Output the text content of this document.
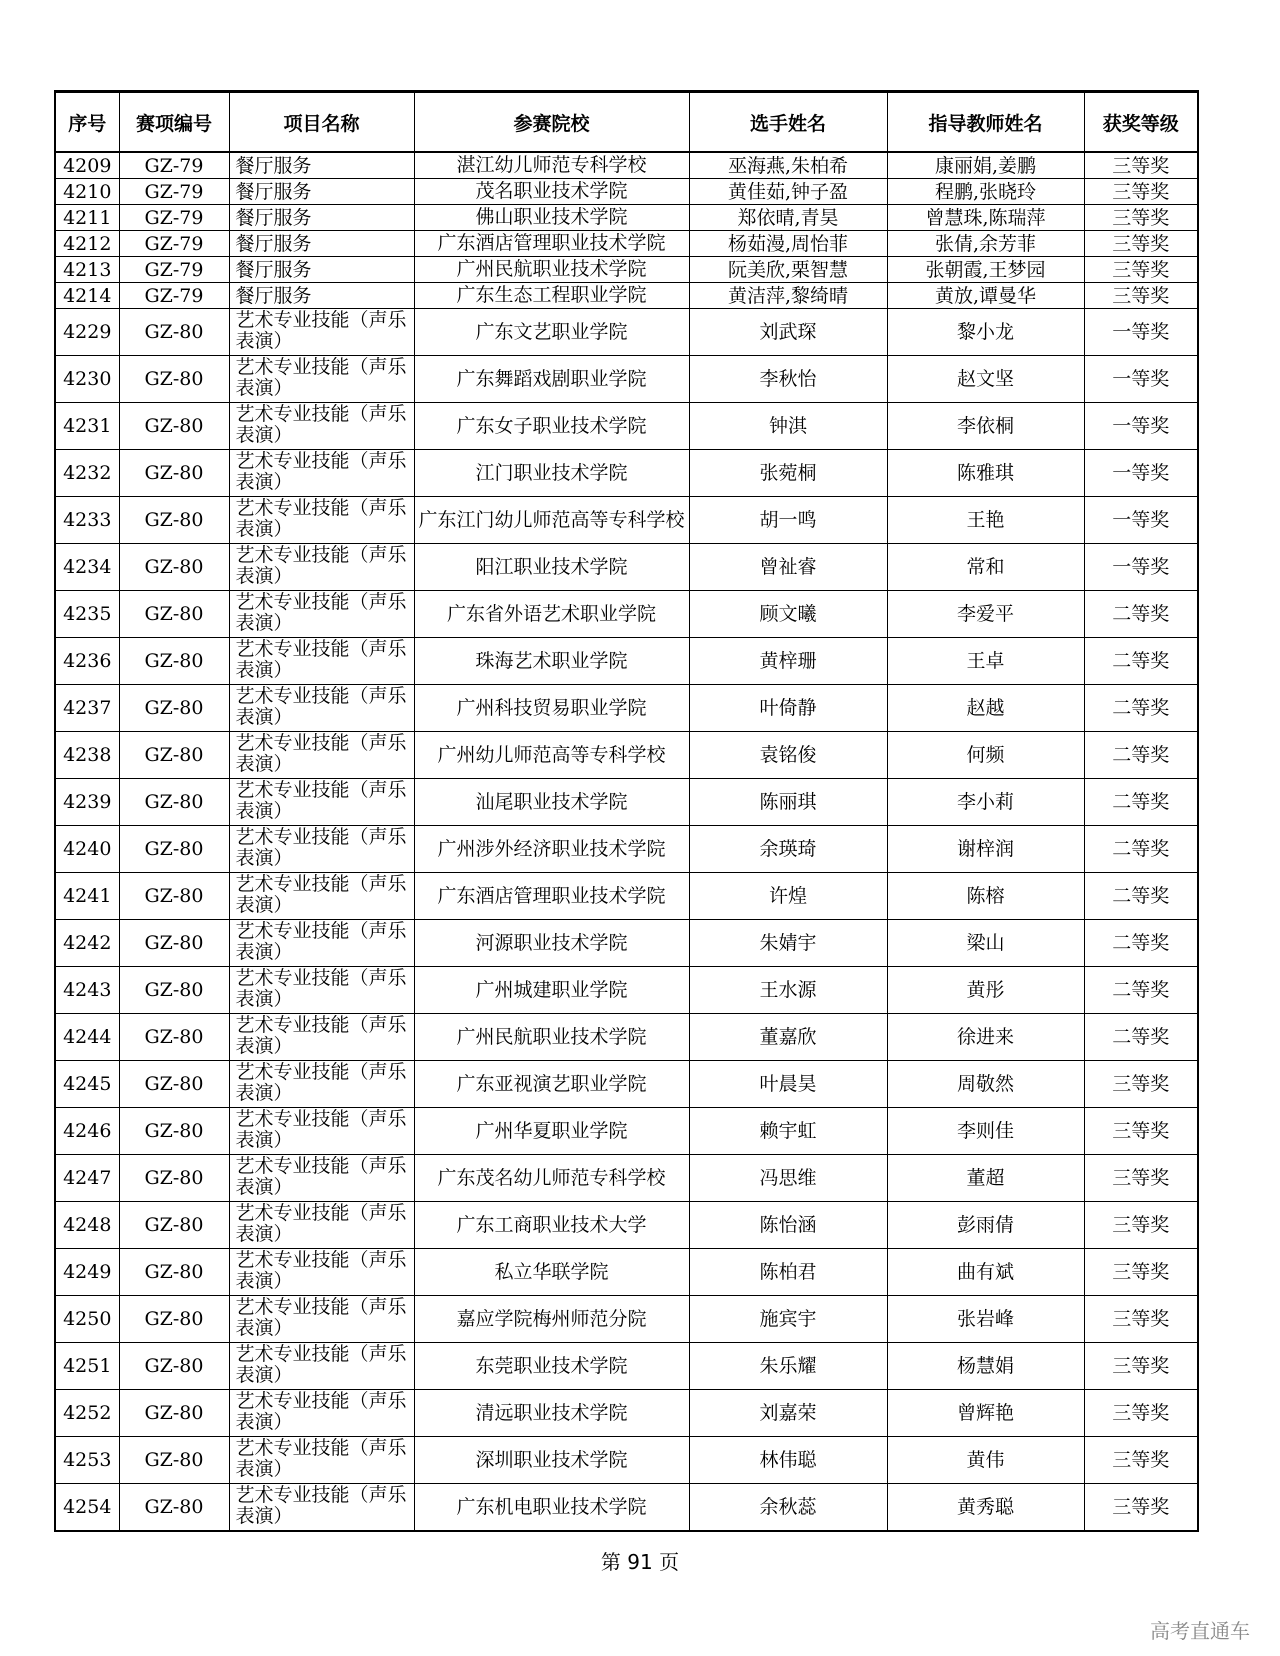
序号	赛项编号	项目名称	参赛院校	选手姓名	指导教师姓名	获奖等级
4209	GZ-79	餐厅服务	湛江幼儿师范专科学校	巫海燕,朱柏希	康丽娟,姜鹏	三等奖
4210	GZ-79	餐厅服务	茂名职业技术学院	黄佳茹,钟子盈	程鹏,张晓玲	三等奖
4211	GZ-79	餐厅服务	佛山职业技术学院	郑依晴,青昊	曾慧珠,陈瑞萍	三等奖
4212	GZ-79	餐厅服务	广东酒店管理职业技术学院	杨茹漫,周怡菲	张倩,余芳菲	三等奖
4213	GZ-79	餐厅服务	广州民航职业技术学院	阮美欣,栗智慧	张朝霞,王梦园	三等奖
4214	GZ-79	餐厅服务	广东生态工程职业学院	黄洁萍,黎绮晴	黄放,谭曼华	三等奖
4229	GZ-80	艺术专业技能（声乐表演）	广东文艺职业学院	刘武琛	黎小龙	一等奖
4230	GZ-80	艺术专业技能（声乐表演）	广东舞蹈戏剧职业学院	李秋怡	赵文坚	一等奖
4231	GZ-80	艺术专业技能（声乐表演）	广东女子职业技术学院	钟淇	李依桐	一等奖
4232	GZ-80	艺术专业技能（声乐表演）	江门职业技术学院	张菀桐	陈雅琪	一等奖
4233	GZ-80	艺术专业技能（声乐表演）	广东江门幼儿师范高等专科学校	胡一鸣	王艳	一等奖
4234	GZ-80	艺术专业技能（声乐表演）	阳江职业技术学院	曾祉睿	常和	一等奖
4235	GZ-80	艺术专业技能（声乐表演）	广东省外语艺术职业学院	顾文曦	李爱平	二等奖
4236	GZ-80	艺术专业技能（声乐表演）	珠海艺术职业学院	黄梓珊	王卓	二等奖
4237	GZ-80	艺术专业技能（声乐表演）	广州科技贸易职业学院	叶倚静	赵越	二等奖
4238	GZ-80	艺术专业技能（声乐表演）	广州幼儿师范高等专科学校	袁铭俊	何频	二等奖
4239	GZ-80	艺术专业技能（声乐表演）	汕尾职业技术学院	陈丽琪	李小莉	二等奖
4240	GZ-80	艺术专业技能（声乐表演）	广州涉外经济职业技术学院	余瑛琦	谢梓润	二等奖
4241	GZ-80	艺术专业技能（声乐表演）	广东酒店管理职业技术学院	许煌	陈榕	二等奖
4242	GZ-80	艺术专业技能（声乐表演）	河源职业技术学院	朱婧宇	梁山	二等奖
4243	GZ-80	艺术专业技能（声乐表演）	广州城建职业学院	王水源	黄彤	二等奖
4244	GZ-80	艺术专业技能（声乐表演）	广州民航职业技术学院	董嘉欣	徐进来	二等奖
4245	GZ-80	艺术专业技能（声乐表演）	广东亚视演艺职业学院	叶晨昊	周敬然	三等奖
4246	GZ-80	艺术专业技能（声乐表演）	广州华夏职业学院	赖宇虹	李则佳	三等奖
4247	GZ-80	艺术专业技能（声乐表演）	广东茂名幼儿师范专科学校	冯思维	董超	三等奖
4248	GZ-80	艺术专业技能（声乐表演）	广东工商职业技术大学	陈怡涵	彭雨倩	三等奖
4249	GZ-80	艺术专业技能（声乐表演）	私立华联学院	陈柏君	曲有斌	三等奖
4250	GZ-80	艺术专业技能（声乐表演）	嘉应学院梅州师范分院	施宾宇	张岩峰	三等奖
4251	GZ-80	艺术专业技能（声乐表演）	东莞职业技术学院	朱乐耀	杨慧娟	三等奖
4252	GZ-80	艺术专业技能（声乐表演）	清远职业技术学院	刘嘉荣	曾辉艳	三等奖
4253	GZ-80	艺术专业技能（声乐表演）	深圳职业技术学院	林伟聪	黄伟	三等奖
4254	GZ-80	艺术专业技能（声乐表演）	广东机电职业技术学院	余秋蕊	黄秀聪	三等奖
第 91 页
高考直通车
